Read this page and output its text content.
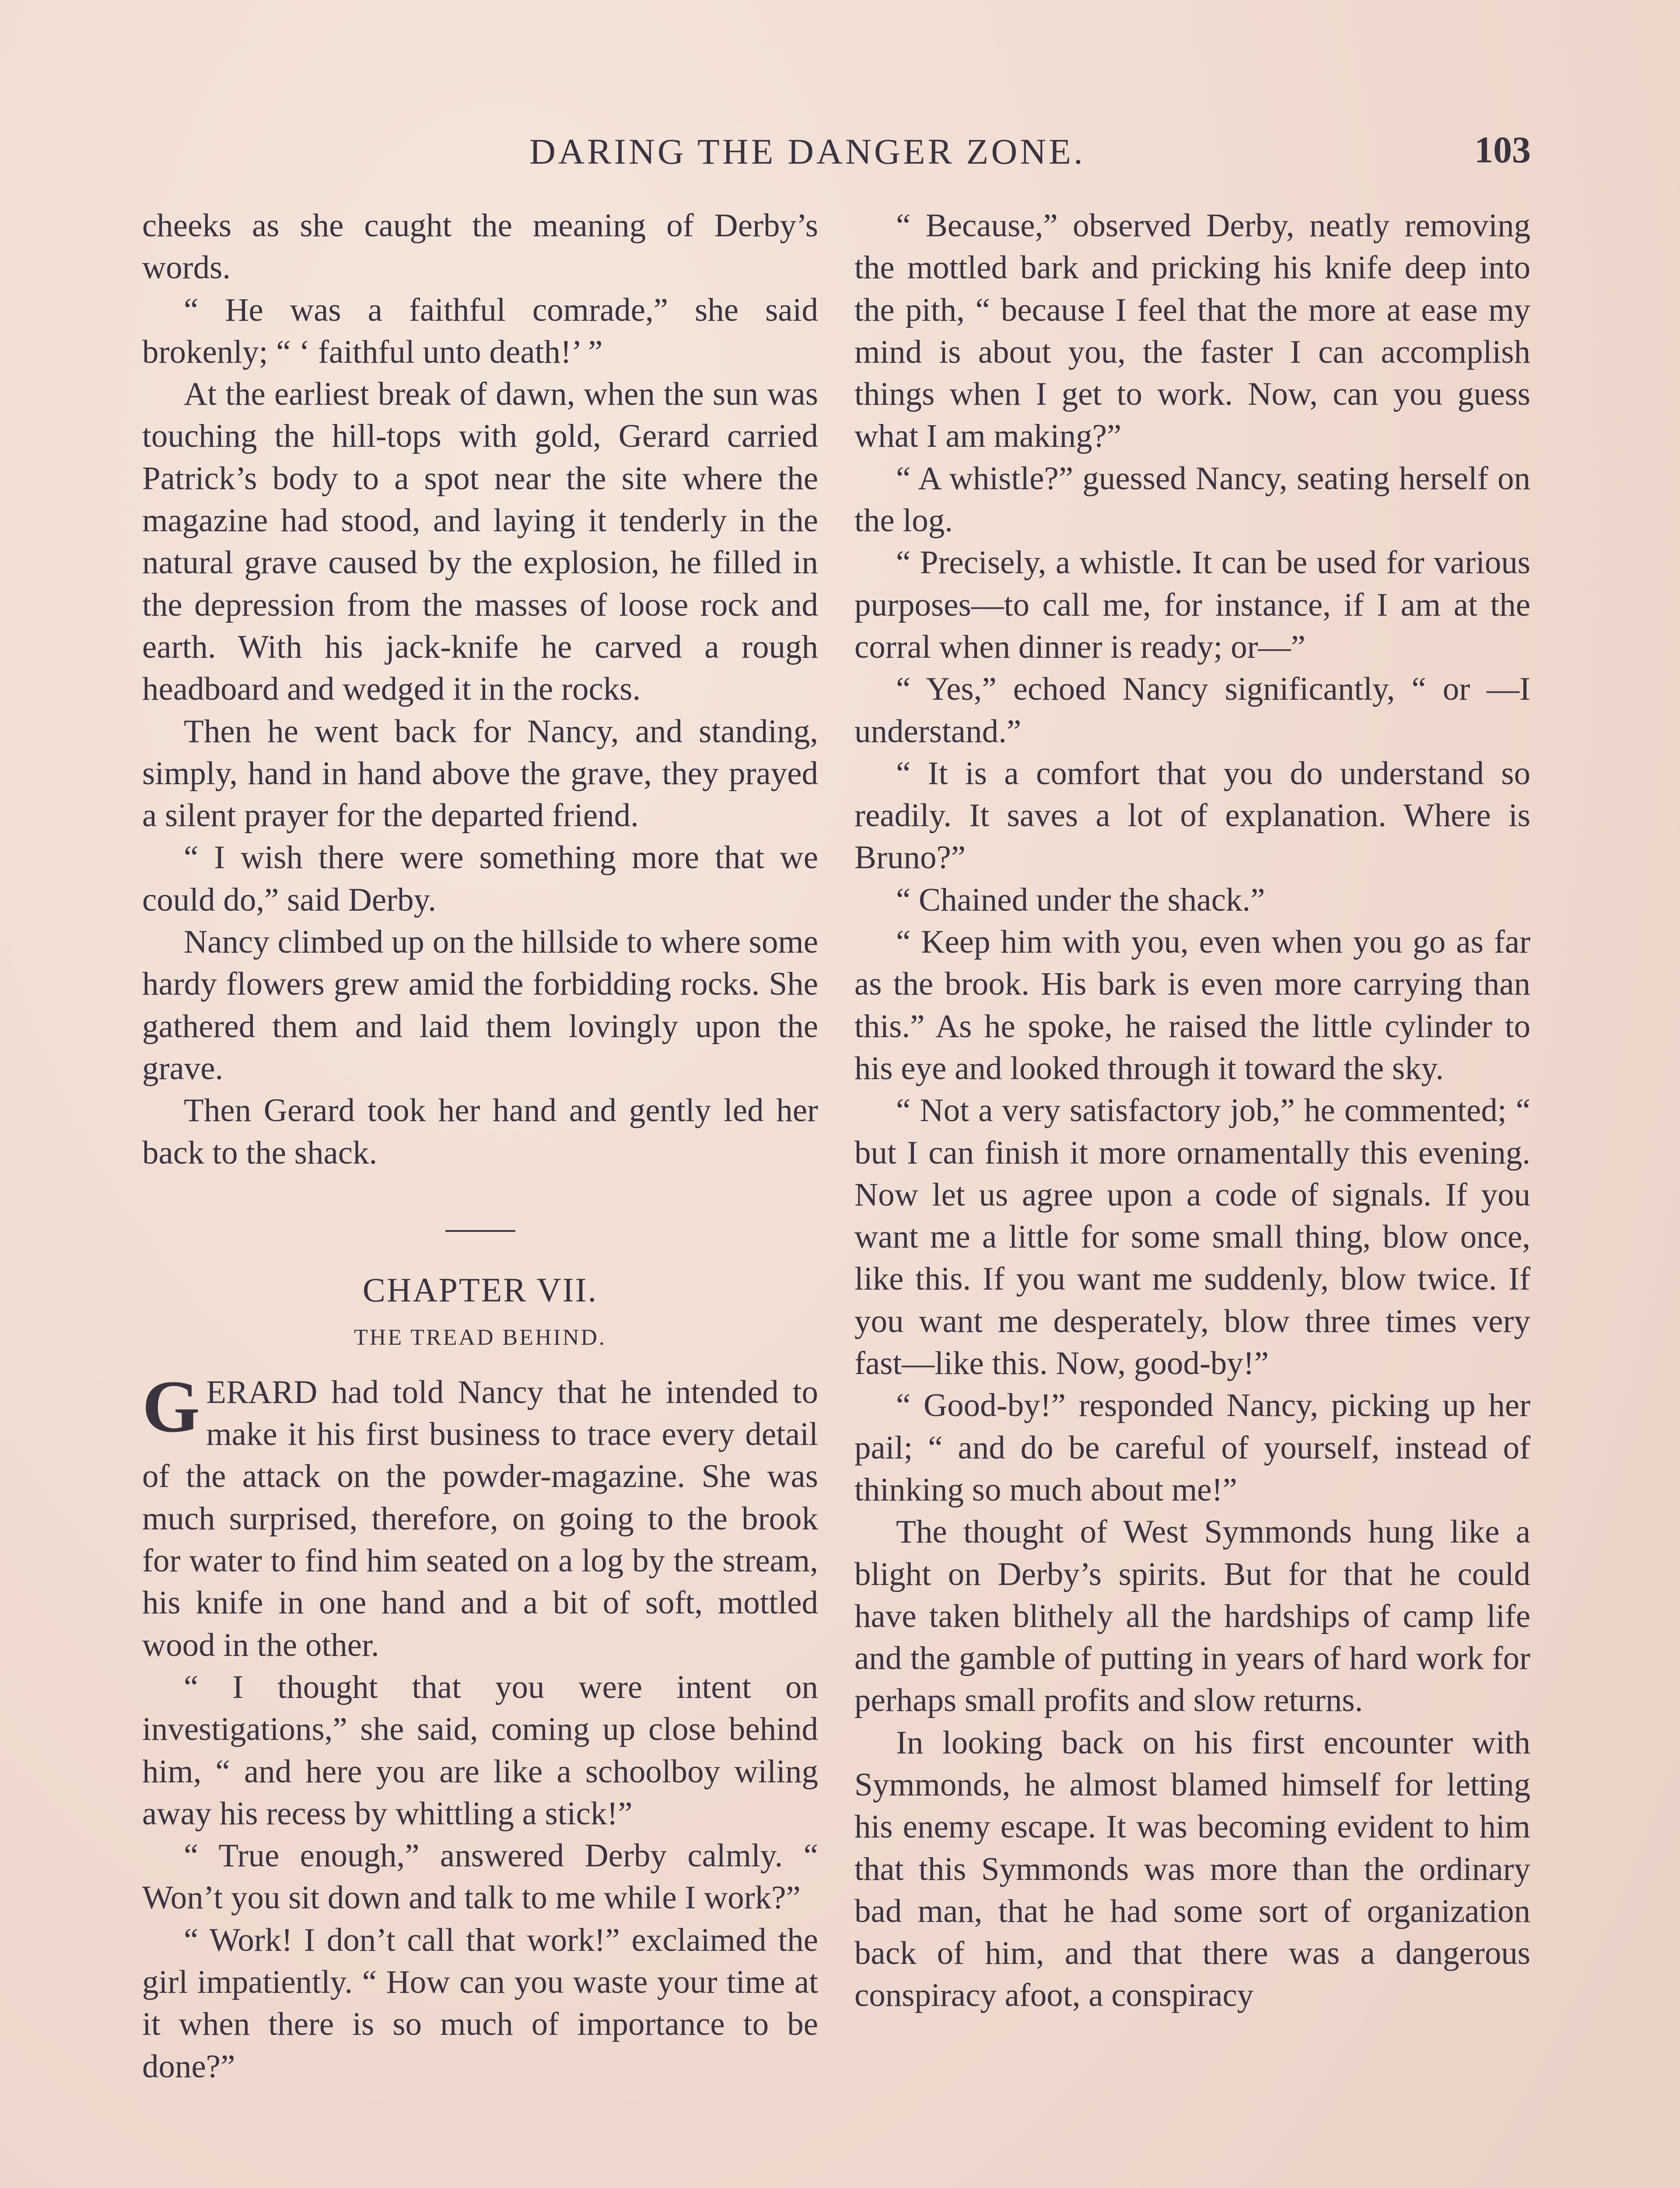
DARING THE DANGER ZONE.	103

cheeks as she caught the meaning of Derby’s words.

“ He was a faithful comrade,” she said brokenly; “ ‘ faithful unto death!’ ”

At the earliest break of dawn, when the sun was touching the hill-tops with gold, Gerard carried Patrick’s body to a spot near the site where the magazine had stood, and laying it tenderly in the natural grave caused by the explosion, he filled in the depression from the masses of loose rock and earth. With his jack-knife he carved a rough headboard and wedged it in the rocks.

Then he went back for Nancy, and standing, simply, hand in hand above the grave, they prayed a silent prayer for the departed friend.

“ I wish there were something more that we could do,” said Derby.

Nancy climbed up on the hillside to where some hardy flowers grew amid the forbidding rocks. She gathered them and laid them lovingly upon the grave.

Then Gerard took her hand and gently led her back to the shack.

CHAPTER VII.
THE TREAD BEHIND.

GERARD had told Nancy that he intended to make it his first business to trace every detail of the attack on the powder-magazine. She was much surprised, therefore, on going to the brook for water to find him seated on a log by the stream, his knife in one hand and a bit of soft, mottled wood in the other.

“ I thought that you were intent on investigations,” she said, coming up close behind him, “ and here you are like a schoolboy wiling away his recess by whittling a stick!”

“ True enough,” answered Derby calmly. “ Won’t you sit down and talk to me while I work?”

“ Work! I don’t call that work!” exclaimed the girl impatiently. “ How can you waste your time at it when there is so much of importance to be done?”

“ Because,” observed Derby, neatly removing the mottled bark and pricking his knife deep into the pith, “ because I feel that the more at ease my mind is about you, the faster I can accomplish things when I get to work. Now, can you guess what I am making?”

“ A whistle?” guessed Nancy, seating herself on the log.

“ Precisely, a whistle. It can be used for various purposes—to call me, for instance, if I am at the corral when dinner is ready; or—”

“ Yes,” echoed Nancy significantly, “ or —I understand.”

“ It is a comfort that you do understand so readily. It saves a lot of explanation. Where is Bruno?”

“ Chained under the shack.”

“ Keep him with you, even when you go as far as the brook. His bark is even more carrying than this.” As he spoke, he raised the little cylinder to his eye and looked through it toward the sky.

“ Not a very satisfactory job,” he commented; “ but I can finish it more ornamentally this evening. Now let us agree upon a code of signals. If you want me a little for some small thing, blow once, like this. If you want me suddenly, blow twice. If you want me desperately, blow three times very fast—like this. Now, good-by!”

“ Good-by!” responded Nancy, picking up her pail; “ and do be careful of yourself, instead of thinking so much about me!”

The thought of West Symmonds hung like a blight on Derby’s spirits. But for that he could have taken blithely all the hardships of camp life and the gamble of putting in years of hard work for perhaps small profits and slow returns.

In looking back on his first encounter with Symmonds, he almost blamed himself for letting his enemy escape. It was becoming evident to him that this Symmonds was more than the ordinary bad man, that he had some sort of organization back of him, and that there was a dangerous conspiracy afoot, a conspiracy
